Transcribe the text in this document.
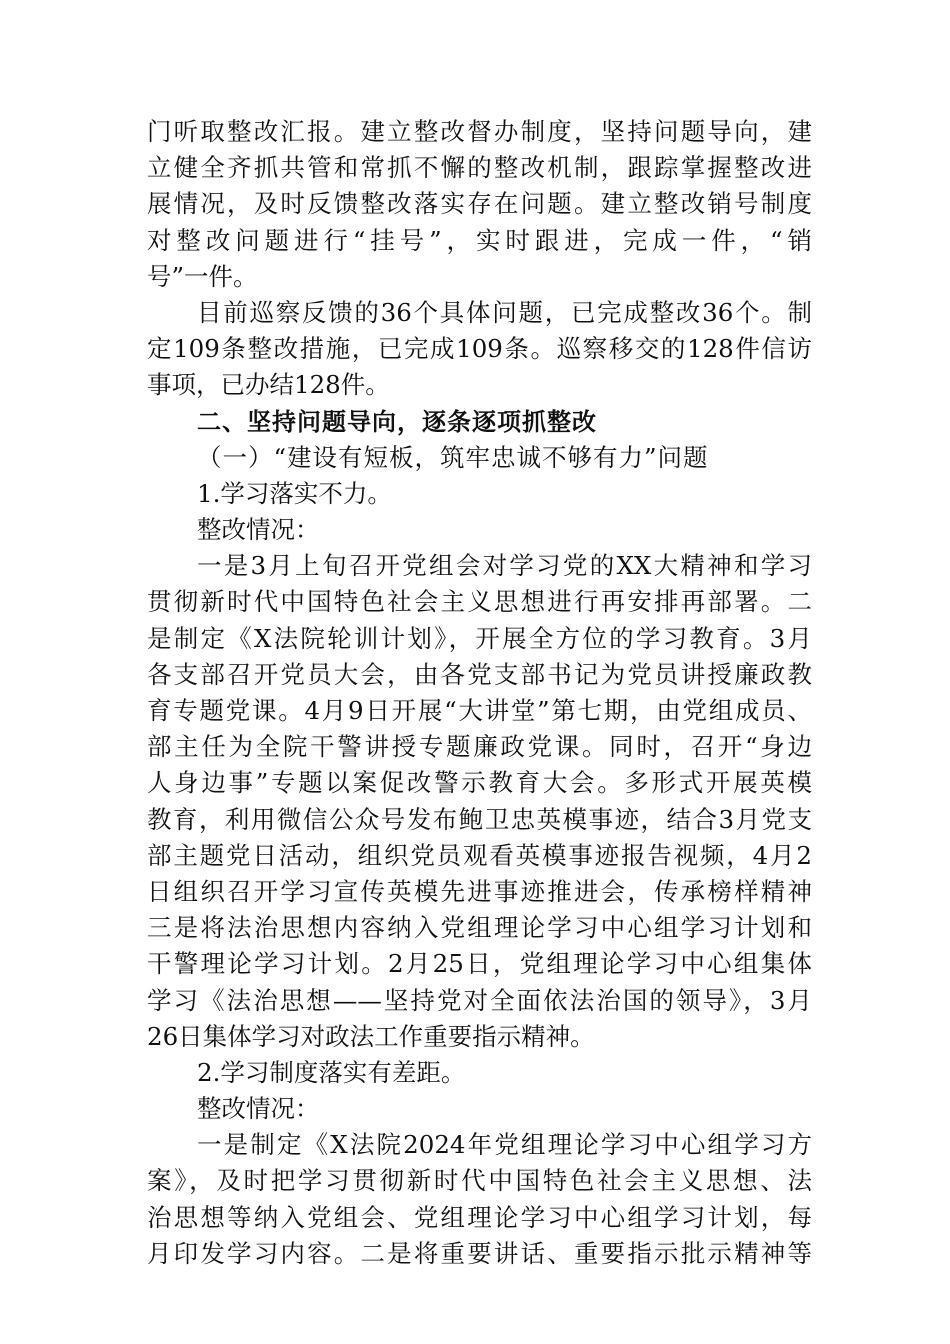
门听取整改汇报。建立整改督办制度，坚持问题导向，建
立健全齐抓共管和常抓不懈的整改机制，跟踪掌握整改进
展情况，及时反馈整改落实存在问题。建立整改销号制度
对整改问题进行“挂号”，实时跟进，完成一件，“销
号”一件。
目前巡察反馈的36个具体问题，已完成整改36个。制
定109条整改措施，已完成109条。巡察移交的128件信访
事项，已办结128件。
二、坚持问题导向，逐条逐项抓整改
（一）“建设有短板，筑牢忠诚不够有力”问题
1.学习落实不力。
整改情况：
一是3月上旬召开党组会对学习党的XX大精神和学习
贯彻新时代中国特色社会主义思想进行再安排再部署。二
是制定《X法院轮训计划》，开展全方位的学习教育。3月
各支部召开党员大会，由各党支部书记为党员讲授廉政教
育专题党课。4月9日开展“大讲堂”第七期，由党组成员、
部主任为全院干警讲授专题廉政党课。同时，召开“身边
人身边事”专题以案促改警示教育大会。多形式开展英模
教育，利用微信公众号发布鲍卫忠英模事迹，结合3月党支
部主题党日活动，组织党员观看英模事迹报告视频，4月2
日组织召开学习宣传英模先进事迹推进会，传承榜样精神
三是将法治思想内容纳入党组理论学习中心组学习计划和
干警理论学习计划。2月25日，党组理论学习中心组集体
学习《法治思想——坚持党对全面依法治国的领导》，3月
26日集体学习对政法工作重要指示精神。
2.学习制度落实有差距。
整改情况：
一是制定《X法院2024年党组理论学习中心组学习方
案》，及时把学习贯彻新时代中国特色社会主义思想、法
治思想等纳入党组会、党组理论学习中心组学习计划，每
月印发学习内容。二是将重要讲话、重要指示批示精神等
